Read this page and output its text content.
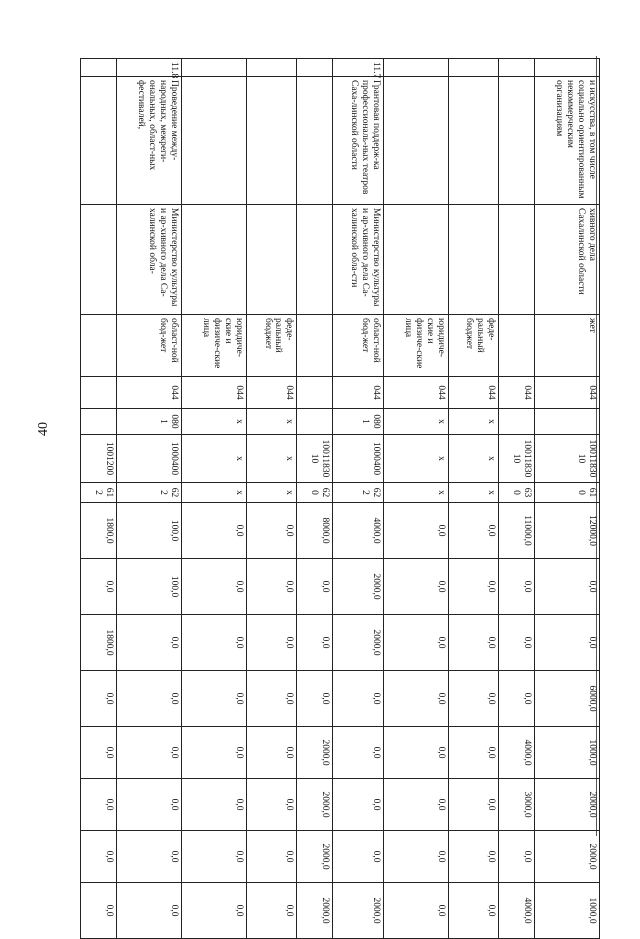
40
	и искусства, в том числе социально ориентированным некоммерческим организациям	хивного дела Сахалинской области	жет	044		10011830 10	61 0	12000,0	0,0	0,0	6000,0	1000,0	2000,0	2000,0	1000,0
				044		10011830 10	63 0	11000,0	0,0	0,0	0,0	4000,0	3000,0	0,0	4000,0
			феде-ральный бюджет	044	х	х	х	0,0	0,0	0,0	0,0	0,0	0,0	0,0	0,0
			юридиче-ские и физиче-ские лица	044	х	х	х	0,0	0,0	0,0	0,0	0,0	0,0	0,0	0,0
11.7	Грантовая поддерж-ка профессиональ-ных театров Саха-линской области	Министерство культуры и ар-хивного дела Са-халинской обла-сти	област-ной бюд-жет	044	080 1	1000400	62 2	4000,0	2000,0	2000,0	0,0	0,0	0,0	0,0	2000,0
						10011830 10	62 0	8000,0	0,0	0,0	0,0	2000,0	2000,0	2000,0	2000,0
			феде-ральный бюджет	044	х	х	х	0,0	0,0	0,0	0,0	0,0	0,0	0,0	0,0
			юридиче-ские и физиче-ские лица	044	х	х	х	0,0	0,0	0,0	0,0	0,0	0,0	0,0	0,0
11.8	Проведение между-народных, межреги-ональных, област-ных фестивалей,	Министерство культуры и ар-хивного дела Са-халинской обла-	област-ной бюд-жет	044	080 1	1000400	62 2	100,0	100,0	0,0	0,0	0,0	0,0	0,0	0,0
						1001200	61 2	1800,0	0,0	1800,0	0,0	0,0	0,0	0,0	0,0
